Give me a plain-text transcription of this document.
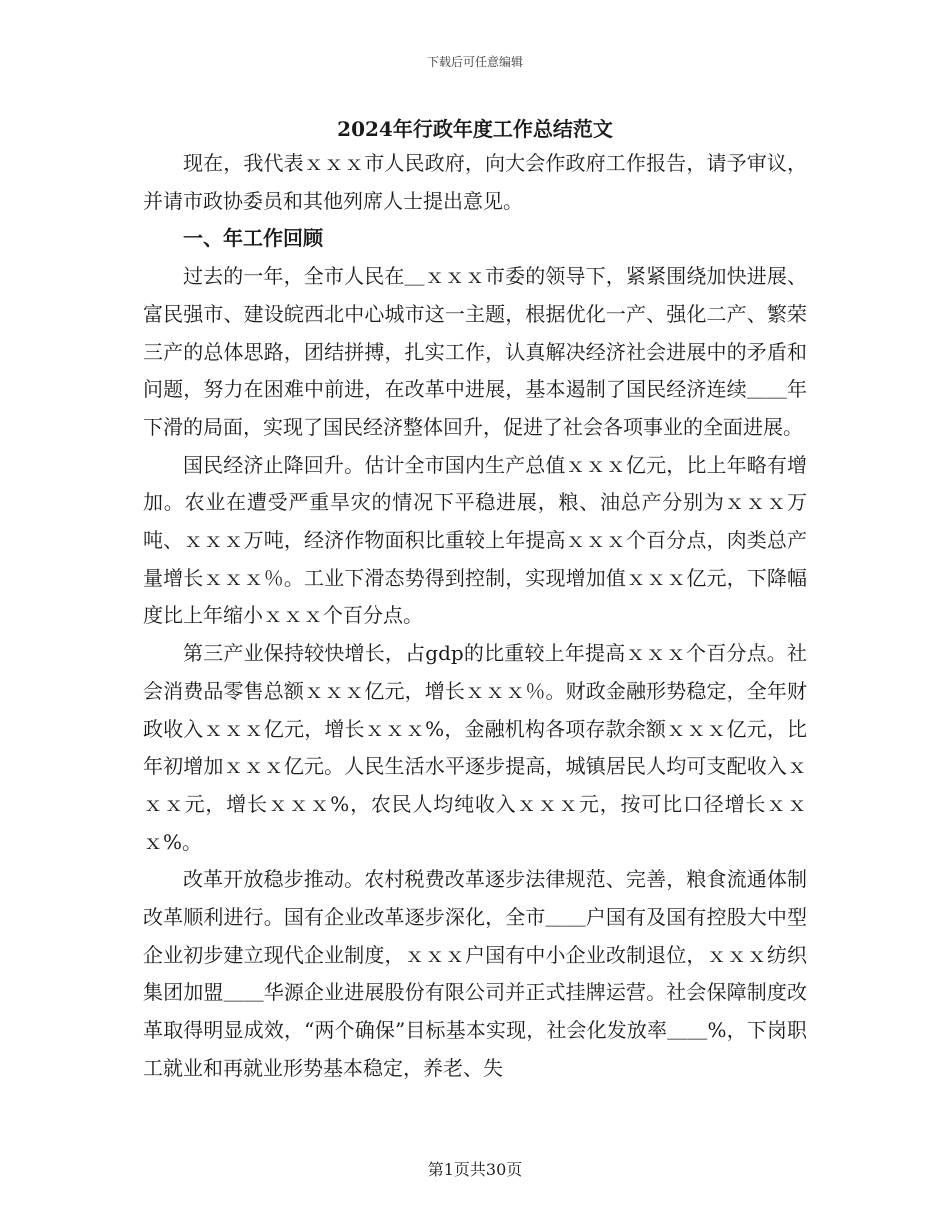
下载后可任意编辑
2024年行政年度工作总结范文

现在，我代表ｘｘｘ市人民政府，向大会作政府工作报告，请予审议，并请市政协委员和其他列席人士提出意见。

一、年工作回顾

过去的一年，全市人民在＿ｘｘｘ市委的领导下，紧紧围绕加快进展、富民强市、建设皖西北中心城市这一主题，根据优化一产、强化二产、繁荣三产的总体思路，团结拼搏，扎实工作，认真解决经济社会进展中的矛盾和问题，努力在困难中前进，在改革中进展，基本遏制了国民经济连续＿＿年下滑的局面，实现了国民经济整体回升，促进了社会各项事业的全面进展。

国民经济止降回升。估计全市国内生产总值ｘｘｘ亿元，比上年略有增加。农业在遭受严重旱灾的情况下平稳进展，粮、油总产分别为ｘｘｘ万吨、ｘｘｘ万吨，经济作物面积比重较上年提高ｘｘｘ个百分点，肉类总产量增长ｘｘｘ％。工业下滑态势得到控制，实现增加值ｘｘｘ亿元，下降幅度比上年缩小ｘｘｘ个百分点。

第三产业保持较快增长，占gdp的比重较上年提高ｘｘｘ个百分点。社会消费品零售总额ｘｘｘ亿元，增长ｘｘｘ％。财政金融形势稳定，全年财政收入ｘｘｘ亿元，增长ｘｘｘ%，金融机构各项存款余额ｘｘｘ亿元，比年初增加ｘｘｘ亿元。人民生活水平逐步提高，城镇居民人均可支配收入ｘｘｘ元，增长ｘｘｘ%，农民人均纯收入ｘｘｘ元，按可比口径增长ｘｘｘ%。

改革开放稳步推动。农村税费改革逐步法律规范、完善，粮食流通体制改革顺利进行。国有企业改革逐步深化，全市＿＿户国有及国有控股大中型企业初步建立现代企业制度，ｘｘｘ户国有中小企业改制退位，ｘｘｘ纺织集团加盟＿＿华源企业进展股份有限公司并正式挂牌运营。社会保障制度改革取得明显成效，“两个确保”目标基本实现，社会化发放率＿＿%，下岗职工就业和再就业形势基本稳定，养老、失

第1页共30页
